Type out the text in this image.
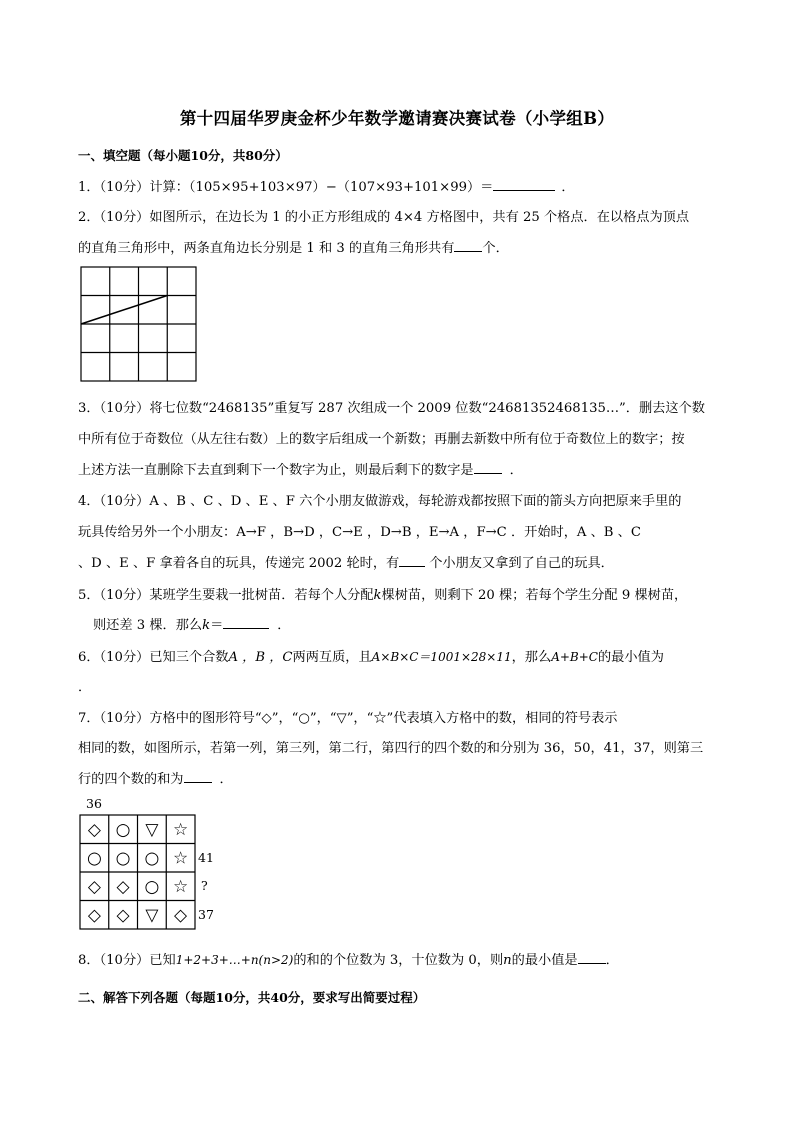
第十四届华罗庚金杯少年数学邀请赛决赛试卷（小学组B）
一、填空题（每小题10分，共80分）
1．（10分）计算：（105×95+103×97）−（107×93+101×99）＝	．
2．（10分）如图所示，在边长为 1 的小正方形组成的 4×4 方格图中，共有 25 个格点．在以格点为顶点
的直角三角形中，两条直角边长分别是 1 和 3 的直角三角形共有 个．
3．（10分）将七位数“2468135”重复写 287 次组成一个 2009 位数“24681352468135…”．删去这个数
中所有位于奇数位（从左往右数）上的数字后组成一个新数；再删去新数中所有位于奇数位上的数字；按
上述方法一直删除下去直到剩下一个数字为止，则最后剩下的数字是	．
4．（10分）A 、B 、C 、D 、E 、F 六个小朋友做游戏，每轮游戏都按照下面的箭头方向把原来手里的
玩具传给另外一个小朋友：A→F ，B→D ，C→E ，D→B ，E→A ，F→C ．开始时，A 、B 、C
、D 、E 、F 拿着各自的玩具，传递完 2002 轮时，有 个小朋友又拿到了自己的玩具．
5．（10分）某班学生要栽一批树苗．若每个人分配k棵树苗，则剩下 20 棵；若每个学生分配 9 棵树苗，
则还差 3 棵．那么k＝	．
6．（10分）已知三个合数A ，B ，C两两互质，且A×B×C＝1001×28×11，那么A+B+C的最小值为
．
7．（10分）方格中的图形符号“◇”，“○”，“▽”，“☆”代表填入方格中的数，相同的符号表示
相同的数，如图所示，若第一列，第三列，第二行，第四行的四个数的和分别为 36，50，41，37，则第三
行的四个数的和为	．
36
◇ ○ ▽ ☆
○ ○ ○ ☆
◇ ◇ ○ ☆
◇ ◇ ▽ ◇
41
?
37
8．（10分）已知1+2+3+…+n(n>2)的和的个位数为 3，十位数为 0，则n的最小值是 ．
二、解答下列各题（每题10分，共40分，要求写出简要过程）
